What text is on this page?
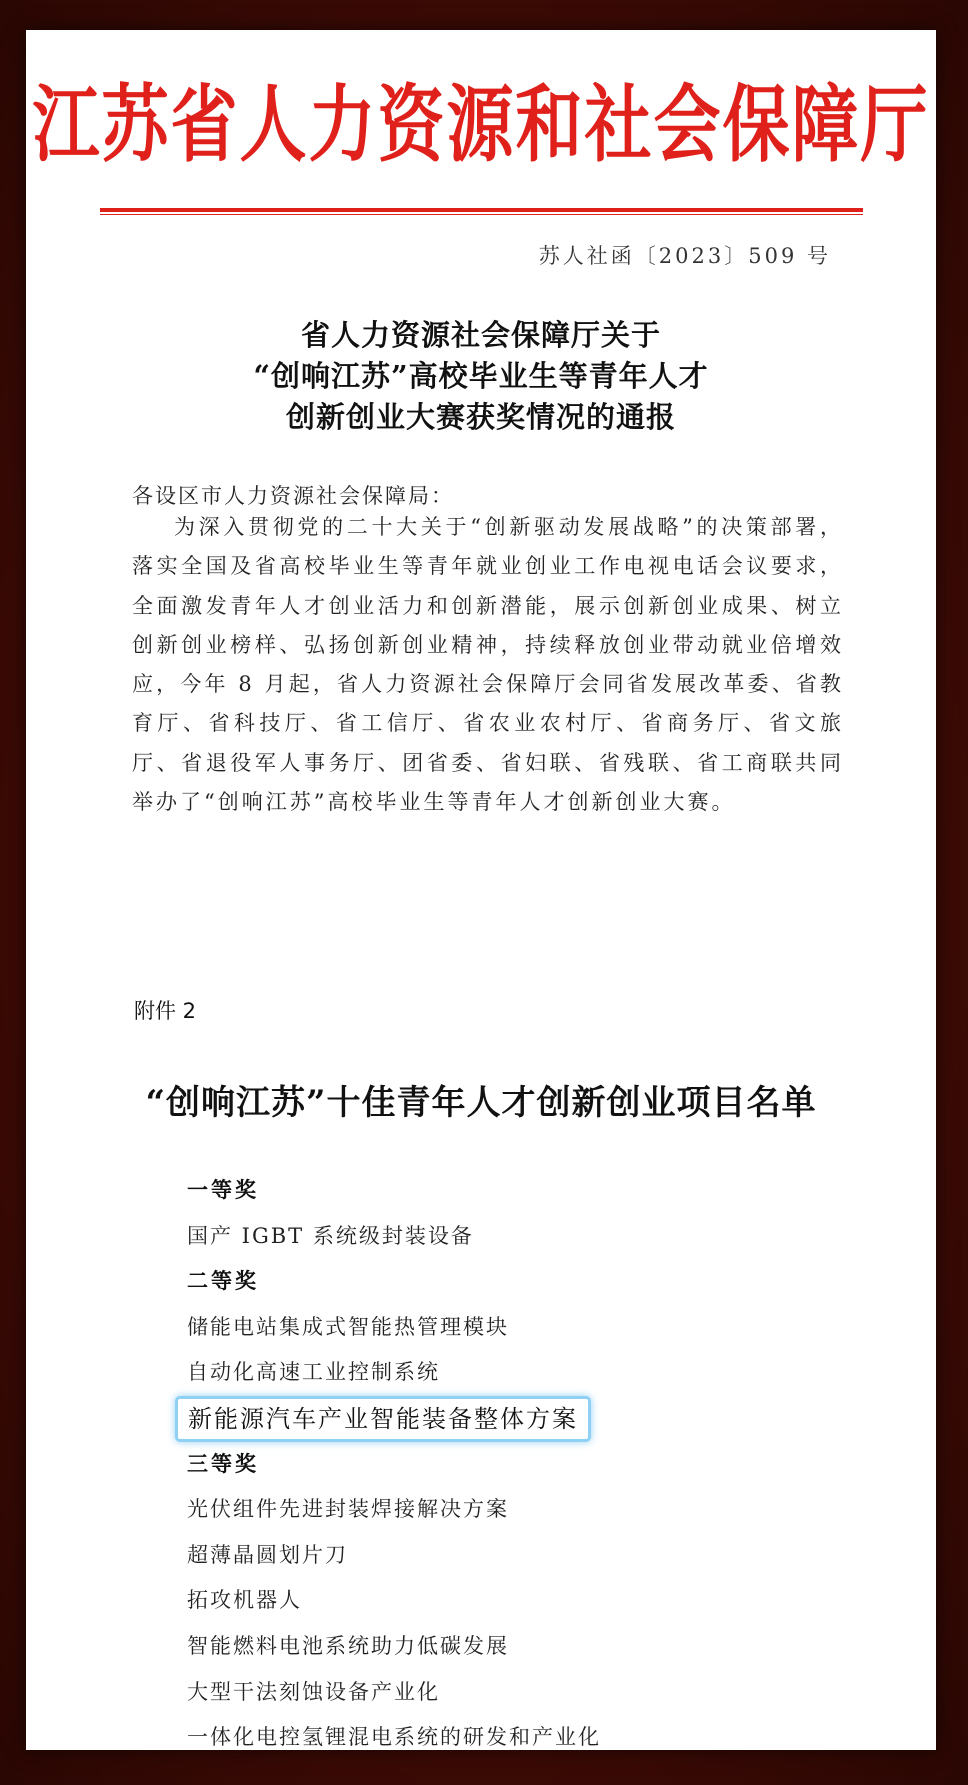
江苏省人力资源和社会保障厅
苏人社函〔2023〕509 号
省人力资源社会保障厅关于
“创响江苏”高校毕业生等青年人才
创新创业大赛获奖情况的通报
各设区市人力资源社会保障局：
为深入贯彻党的二十大关于“创新驱动发展战略”的决策部署，落实全国及省高校毕业生等青年就业创业工作电视电话会议要求，全面激发青年人才创业活力和创新潜能，展示创新创业成果、树立创新创业榜样、弘扬创新创业精神，持续释放创业带动就业倍增效应，今年 8 月起，省人力资源社会保障厅会同省发展改革委、省教育厅、省科技厅、省工信厅、省农业农村厅、省商务厅、省文旅厅、省退役军人事务厅、团省委、省妇联、省残联、省工商联共同举办了“创响江苏”高校毕业生等青年人才创新创业大赛。
附件 2
“创响江苏”十佳青年人才创新创业项目名单
一等奖
国产 IGBT 系统级封装设备
二等奖
储能电站集成式智能热管理模块
自动化高速工业控制系统
新能源汽车产业智能装备整体方案
三等奖
光伏组件先进封装焊接解决方案
超薄晶圆划片刀
拓攻机器人
智能燃料电池系统助力低碳发展
大型干法刻蚀设备产业化
一体化电控氢锂混电系统的研发和产业化
